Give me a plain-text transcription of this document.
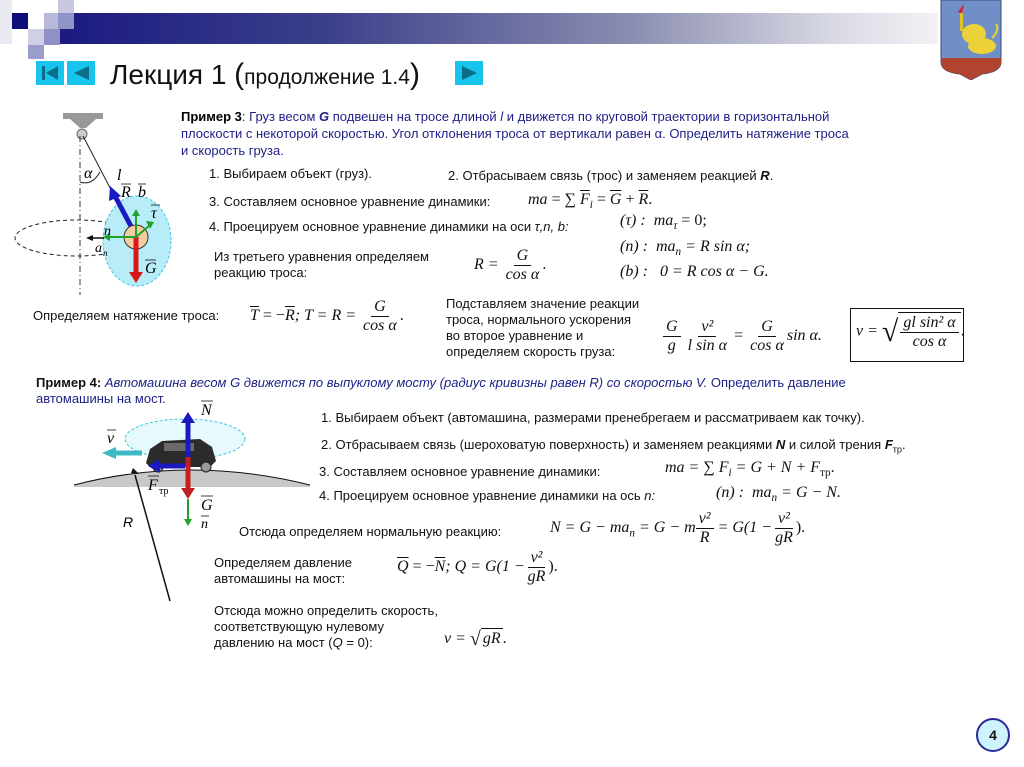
Лекция 1 (продолжение 1.4)
α l
R b
τ
n
a n
G
Пример 3: Груз весом G подвешен на тросе длиной l и движется по круговой траектории в горизонтальной
плоскости с некоторой скоростью. Угол отклонения троса от вертикали равен α. Определить натяжение троса
и скорость груза.
1. Выбираем объект (груз).	2. Отбрасываем связь (трос) и заменяем реакцией R.
3. Составляем основное уравнение динамики: ma = ∑ $\overline{F}_i = \overline{G} + \overline{R}$.
4. Проецируем основное уравнение динамики на оси τ,n, b:	(τ) : $ma_\tau = 0$;
(n) : $ma_n = R$ sin α;
(b) : 0 = R cos α − G.
Из третьего уравнения определяем
реакцию троса:	$R = \frac{G}{\text{cos α}}$ .
Определяем натяжение троса: $\overline{T} = -\overline{R}$; $T = R = \frac{G}{\text{cos α}}$ .
Подставляем значение реакции
троса, нормального ускорения
во второе уравнение и
определяем скорость груза:	$\frac{G}{g}$
$\frac{\text{v²}}{\text{l sin α}} = \frac{G}{\text{cos α}}$ sin α. v = √ $\frac{\text{gl sin² α}}{\text{cos α}}$ .
Пример 4: Автомашина весом G движется по выпуклому мосту (радиус кривизны равен R) со скоростью V. Определить давление
автомашины на мост.
N
v
F тр
G
n
R
1. Выбираем объект (автомашина, размерами пренебрегаем и рассматриваем как точку).
2. Отбрасываем связь (шероховатую поверхность) и заменяем реакциями N и силой трения $F_{тр}$.
3. Составляем основное уравнение динамики:	ma = ∑ $F_i = G + N + F_{тр}$.
4. Проецируем основное уравнение динамики на ось n:	(n) : $ma_n = G - N$.
Отсюда определяем нормальную реакцию:	$N = G - ma_n = G - m \frac{\text{v²}}{R} = G(1 - \frac{\text{v²}}{gR}$ ).
Определяем давление
автомашины на мост:
$\overline{Q} = -\overline{N}$; $Q = G(1 - \frac{\text{v²}}{gR}$ ).
Отсюда можно определить скорость,
соответствующую нулевому
давлению на мост (Q = 0):	v = √ gR .
4
